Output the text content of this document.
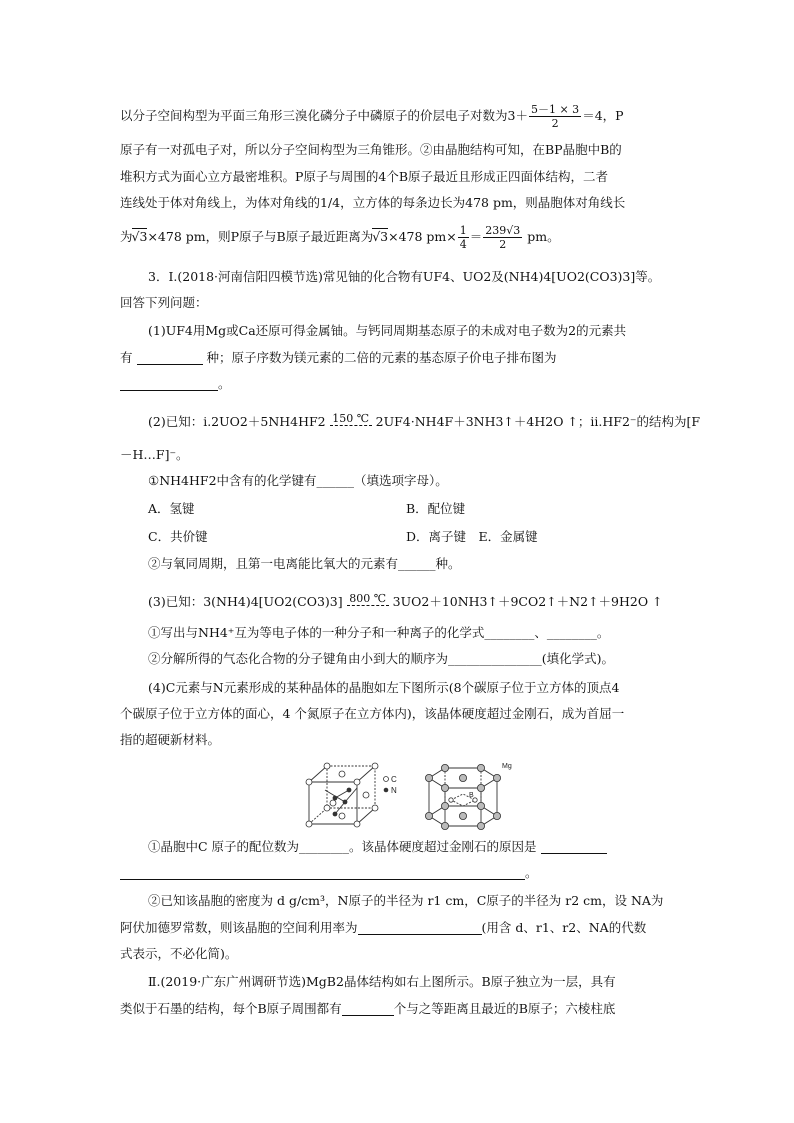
以分子空间构型为平面三角形三溴化磷分子中磷原子的价层电子对数为$3+ \frac{5-1 \times 3}{2} =4$，P
原子有一对孤电子对，所以分子空间构型为三角锥形。②由晶胞结构可知，在BP晶胞中B的
堆积方式为面心立方最密堆积。P原子与周围的4个B原子最近且形成正四面体结构，二者
连线处于体对角线上，为体对角线的1/4，立方体的每条边长为478 pm，则晶胞体对角线长
为√3×478 pm，则P原子与B原子最近距离为√3×478 $pm\times \frac{1}{4} = \frac{239√3}{2}$ pm。
3．Ⅰ.(2018·河南信阳四模节选)常见铀的化合物有UF4、UO2及(NH4)4[UO2(CO3)3]等。
回答下列问题：
(1)UF4用Mg或Ca还原可得金属铀。与钙同周期基态原子的未成对电子数为2的元素共
有	种；原子序数为镁元素的二倍的元素的基态原子价电子排布图为
。
(2)已知：i.2UO2＋5NH4HF2 150 ℃ 2UF4·NH4F＋3NH3↑＋4H2O ↑；ii.HF2⁻的结构为[F
－H…F]⁻。
①NH4HF2中含有的化学键有______（填选项字母）。
A．氢键	B．配位键
C．共价键	D．离子键　E．金属键
②与氧同周期，且第一电离能比氧大的元素有______种。
(3)已知：3(NH4)4[UO2(CO3)3] 800 ℃ 3UO2＋10NH3↑＋9CO2↑＋N2↑＋9H2O ↑
①写出与NH4⁺互为等电子体的一种分子和一种离子的化学式________、________。
②分解所得的气态化合物的分子键角由小到大的顺序为_______________(填化学式)。
(4)C元素与N元素形成的某种晶体的晶胞如左下图所示(8个碳原子位于立方体的顶点4
个碳原子位于立方体的面心，4 个氮原子在立方体内)，该晶体硬度超过金刚石，成为首屈一
指的超硬新材料。
C
N
Mg
B
①晶胞中C 原子的配位数为________。该晶体硬度超过金刚石的原因是
。
②已知该晶胞的密度为 d g/cm³，N原子的半径为 r1 cm，C原子的半径为 r2 cm，设 NA为
阿伏加德罗常数，则该晶胞的空间利用率为	(用含 d、r1、r2、NA的代数
式表示，不必化简)。
Ⅱ.(2019·广东广州调研节选)MgB2晶体结构如右上图所示。B原子独立为一层，具有
类似于石墨的结构，每个B原子周围都有	个与之等距离且最近的B原子；六棱柱底
